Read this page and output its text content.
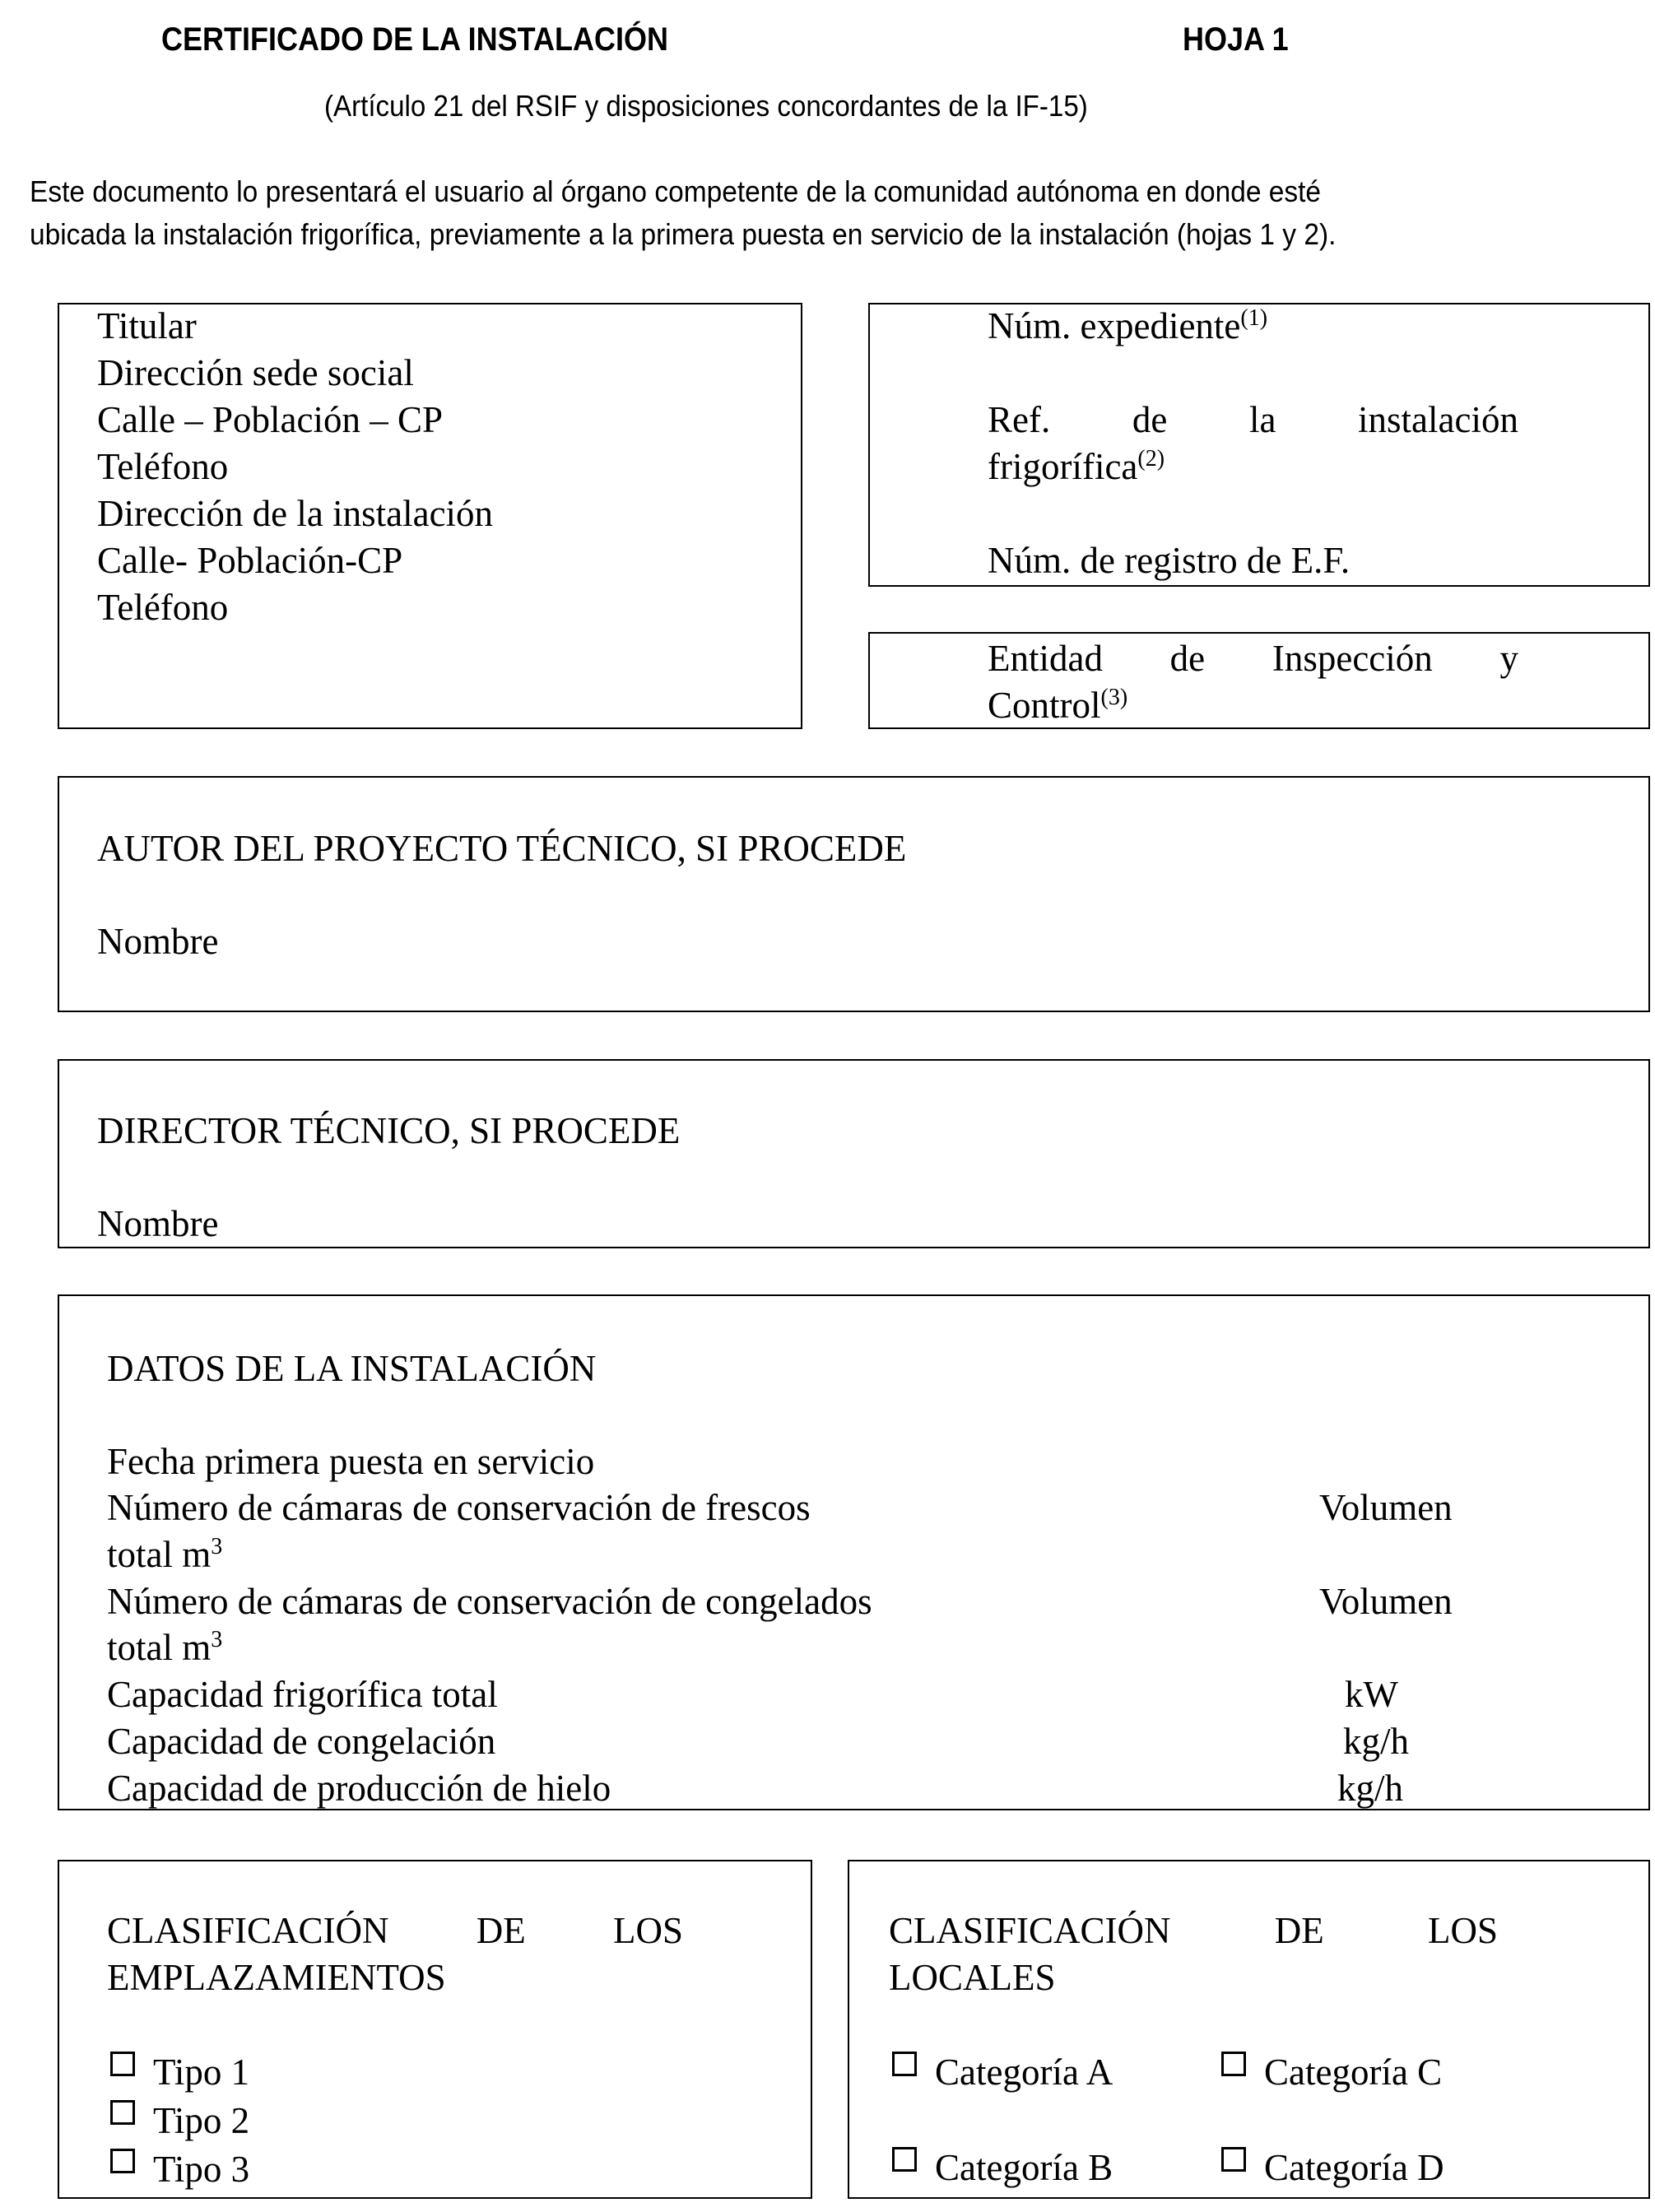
CERTIFICADO DE LA INSTALACIÓN	HOJA 1
(Artículo 21 del RSIF y disposiciones concordantes de la IF-15)
Este documento lo presentará el usuario al órgano competente de la comunidad autónoma en donde esté
ubicada la instalación frigorífica, previamente a la primera puesta en servicio de la instalación (hojas 1 y 2).
Titular
Dirección sede social
Calle – Población – CP
Teléfono
Dirección de la instalación
Calle- Población-CP
Teléfono
Núm. expediente$^{(1)}$
Ref. de la instalación
frigorífica$^{(2)}$
Núm. de registro de E.F.
Entidad de Inspección y
Control$^{(3)}$
AUTOR DEL PROYECTO TÉCNICO, SI PROCEDE
Nombre
DIRECTOR TÉCNICO, SI PROCEDE
Nombre
DATOS DE LA INSTALACIÓN
Fecha primera puesta en servicio
Número de cámaras de conservación de frescos	Volumen
total $m^3$
Número de cámaras de conservación de congelados	Volumen
total $m^3$
Capacidad frigorífica total	kW
Capacidad de congelación	kg/h
Capacidad de producción de hielo	kg/h
CLASIFICACIÓN DE LOS
EMPLAZAMIENTOS
Tipo 1
Tipo 2
Tipo 3
CLASIFICACIÓN	DE	LOS
LOCALES
Categoría A
Categoría B
Categoría C
Categoría D
